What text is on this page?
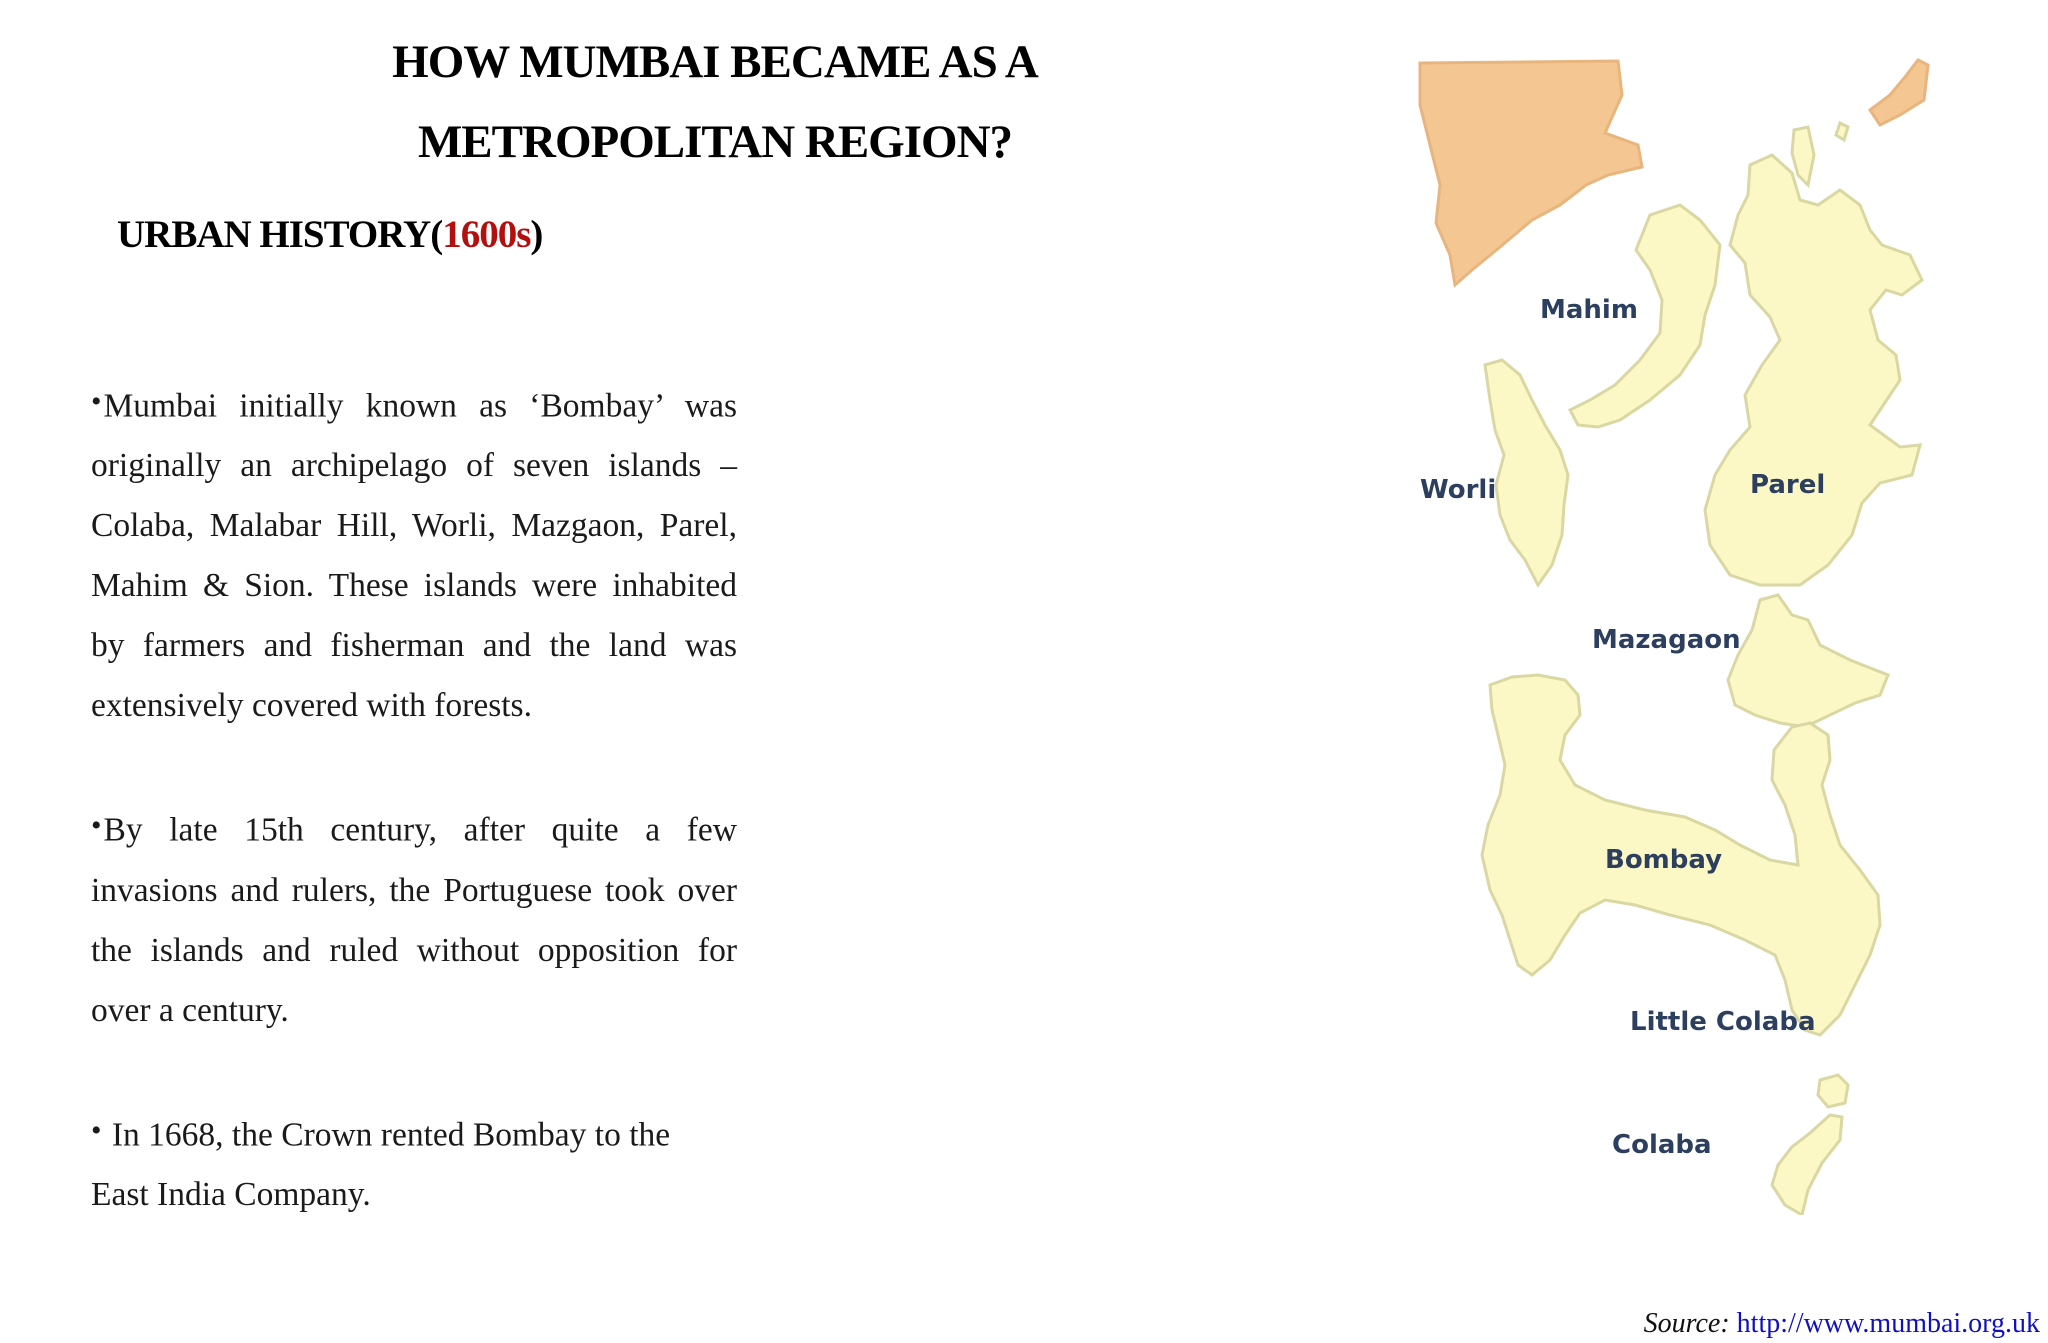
HOW MUMBAI BECAME AS A
METROPOLITAN REGION?
URBAN HISTORY(1600s)

•Mumbai initially known as ‘Bombay’ was originally an archipelago of seven islands – Colaba, Malabar Hill, Worli, Mazgaon, Parel, Mahim & Sion. These islands were inhabited by farmers and fisherman and the land was extensively covered with forests.

•By late 15th century, after quite a few invasions and rulers, the Portuguese took over the islands and ruled without opposition for over a century.

• In 1668, the Crown rented Bombay to the East India Company.

Mahim
Worli	Parel
Mazagaon
Bombay
Little Colaba
Colaba
Source: http://www.mumbai.org.uk
